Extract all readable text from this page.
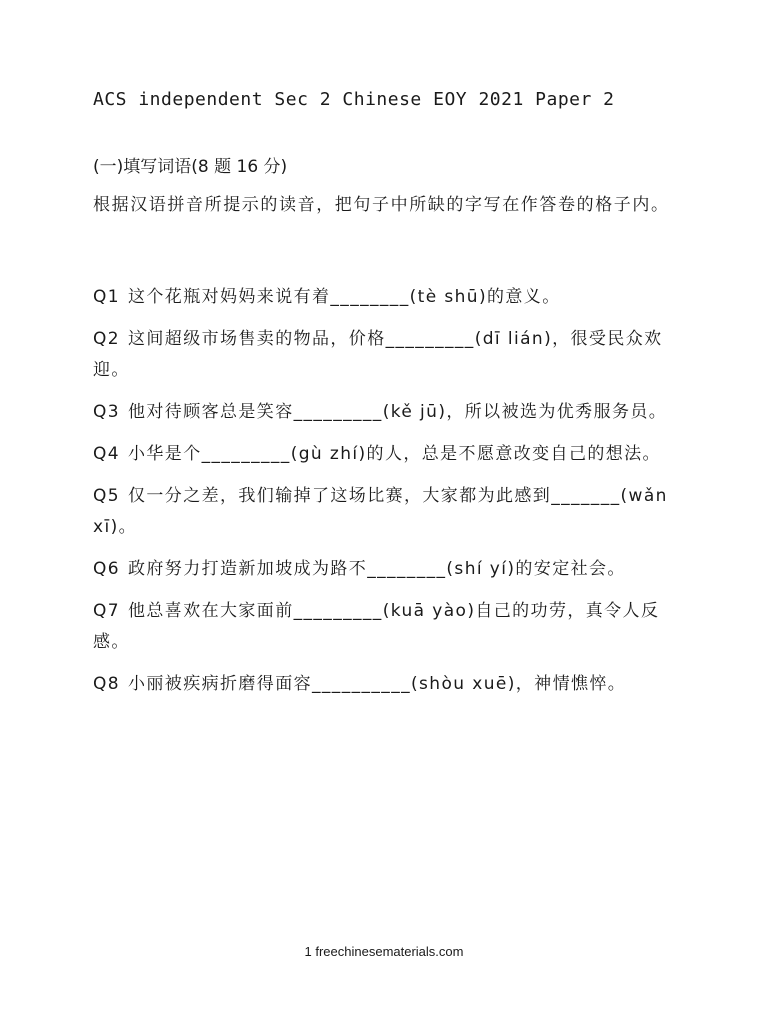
ACS independent Sec 2 Chinese EOY 2021 Paper 2
(一)填写词语(8 题 16 分)
根据汉语拼音所提示的读音，把句子中所缺的字写在作答卷的格子内。
Q1 这个花瓶对妈妈来说有着________(tè shū)的意义。
Q2 这间超级市场售卖的物品，价格_________(dī lián)，很受民众欢迎。
Q3 他对待顾客总是笑容_________(kě jū)，所以被选为优秀服务员。
Q4 小华是个_________(gù zhí)的人，总是不愿意改变自己的想法。
Q5 仅一分之差，我们输掉了这场比赛，大家都为此感到_______(wǎn xī)。
Q6 政府努力打造新加坡成为路不________(shí yí)的安定社会。
Q7 他总喜欢在大家面前_________(kuā yào)自己的功劳，真令人反感。
Q8 小丽被疾病折磨得面容__________(shòu xuē)，神情憔悴。
1 freechinesematerials.com
